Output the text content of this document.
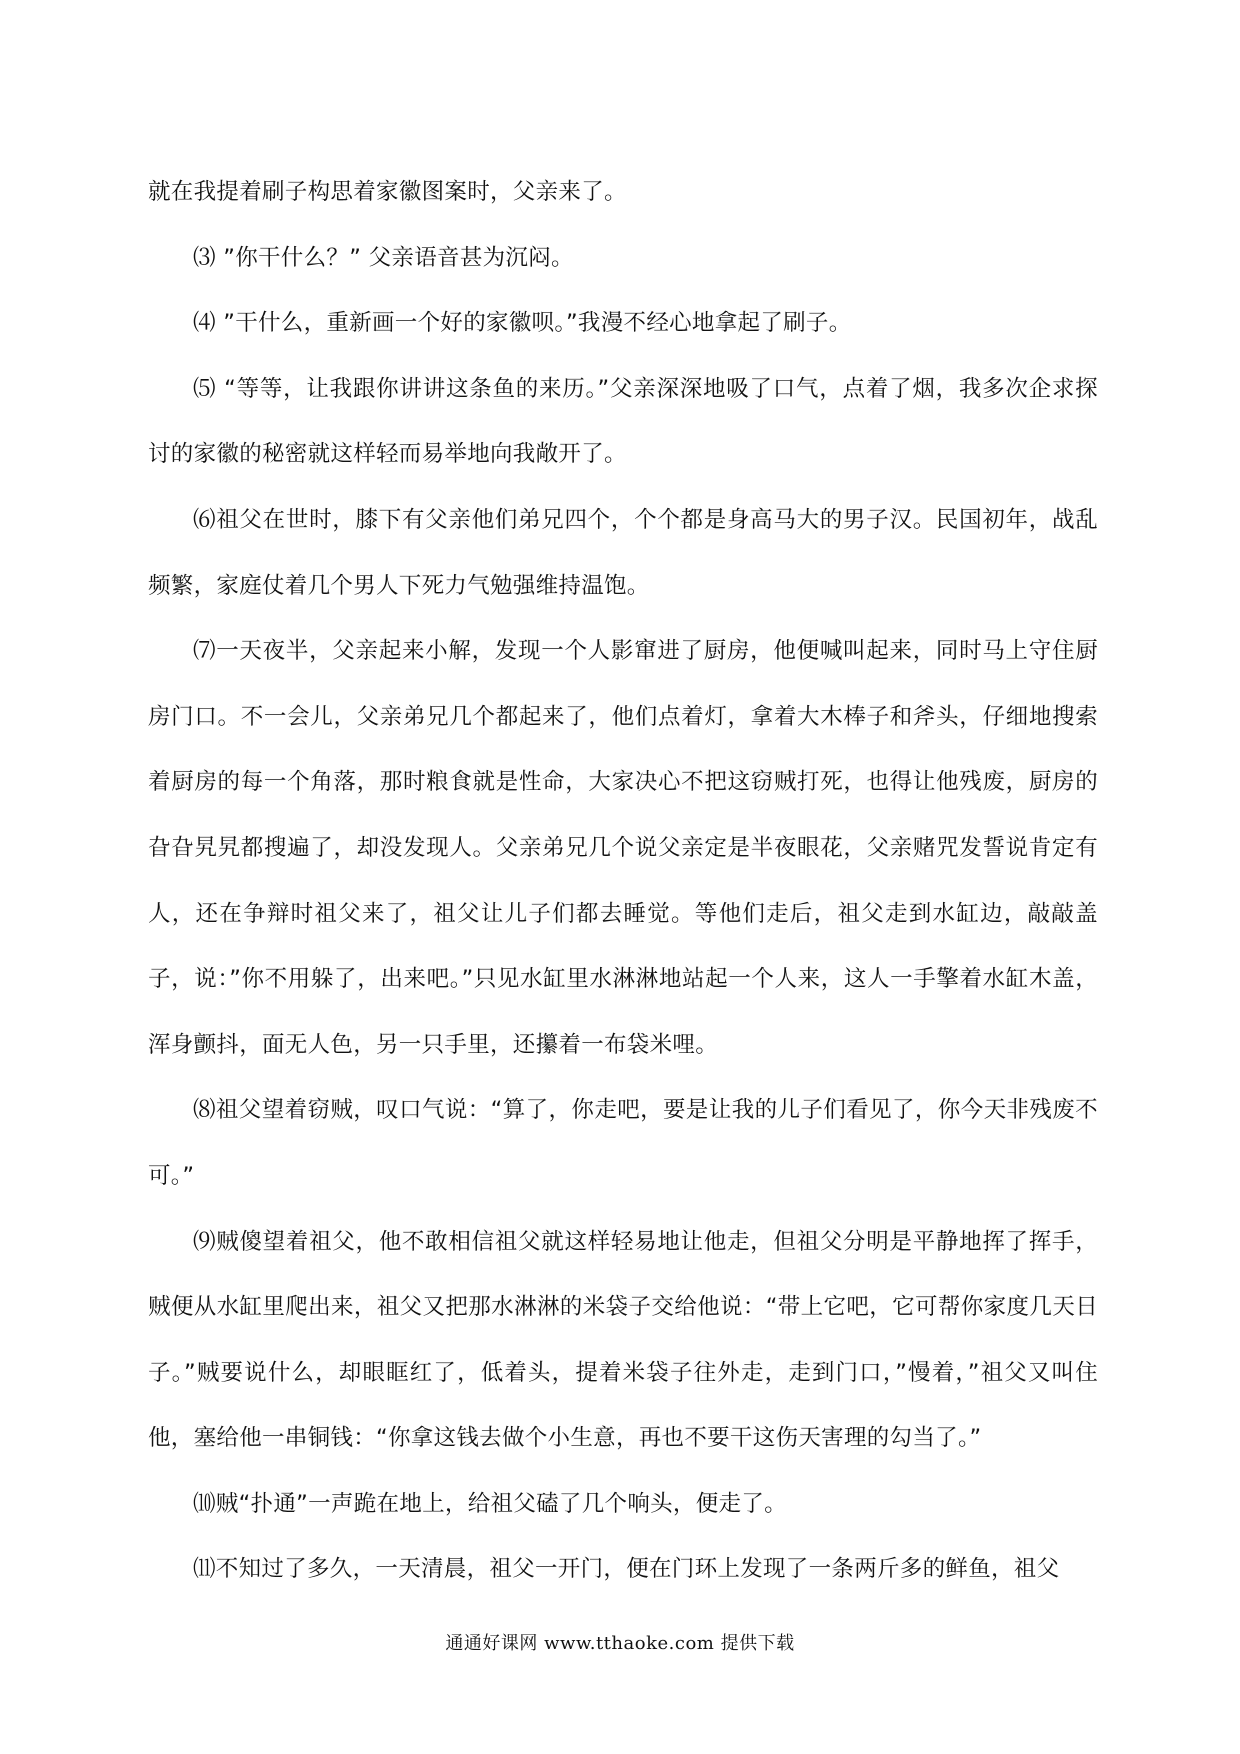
就在我提着刷子构思着家徽图案时，父亲来了。

⑶ ”你干什么？” 父亲语音甚为沉闷。

⑷ ”干什么，重新画一个好的家徽呗。”我漫不经心地拿起了刷子。

⑸ “等等，让我跟你讲讲这条鱼的来历。”父亲深深地吸了口气，点着了烟，我多次企求探讨的家徽的秘密就这样轻而易举地向我敞开了。

⑹祖父在世时，膝下有父亲他们弟兄四个，个个都是身高马大的男子汉。民国初年，战乱频繁，家庭仗着几个男人下死力气勉强维持温饱。

⑺一天夜半，父亲起来小解，发现一个人影窜进了厨房，他便喊叫起来，同时马上守住厨房门口。不一会儿，父亲弟兄几个都起来了，他们点着灯，拿着大木棒子和斧头，仔细地搜索着厨房的每一个角落，那时粮食就是性命，大家决心不把这窃贼打死，也得让他残废，厨房的旮旮旯旯都搜遍了，却没发现人。父亲弟兄几个说父亲定是半夜眼花，父亲赌咒发誓说肯定有人，还在争辩时祖父来了，祖父让儿子们都去睡觉。等他们走后，祖父走到水缸边，敲敲盖子，说：”你不用躲了，出来吧。”只见水缸里水淋淋地站起一个人来，这人一手擎着水缸木盖，浑身颤抖，面无人色，另一只手里，还攥着一布袋米哩。

⑻祖父望着窃贼，叹口气说：“算了，你走吧，要是让我的儿子们看见了，你今天非残废不可。”

⑼贼傻望着祖父，他不敢相信祖父就这样轻易地让他走，但祖父分明是平静地挥了挥手，贼便从水缸里爬出来，祖父又把那水淋淋的米袋子交给他说：“带上它吧，它可帮你家度几天日子。”贼要说什么，却眼眶红了，低着头，提着米袋子往外走，走到门口，”慢着，”祖父又叫住他，塞给他一串铜钱：“你拿这钱去做个小生意，再也不要干这伤天害理的勾当了。”

⑽贼“扑通”一声跪在地上，给祖父磕了几个响头，便走了。

⑾不知过了多久，一天清晨，祖父一开门，便在门环上发现了一条两斤多的鲜鱼，祖父

通通好课网 www.tthaoke.com 提供下载
